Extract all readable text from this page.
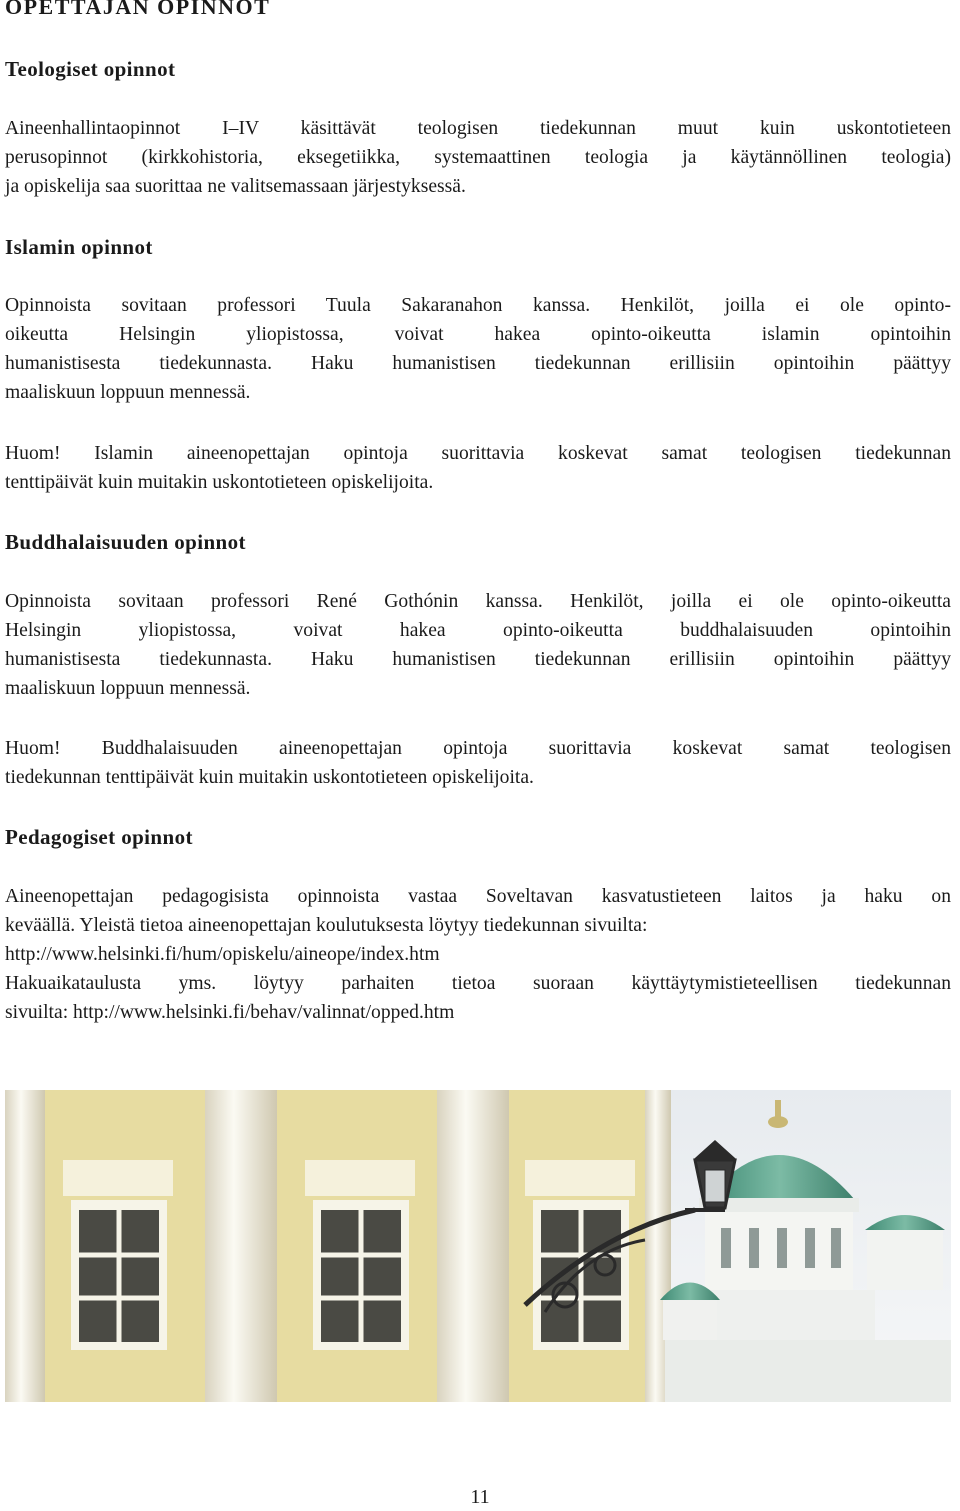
OPETTAJAN OPINNOT
Teologiset opinnot
Aineenhallintaopinnot I–IV käsittävät teologisen tiedekunnan muut kuin uskontotieteen
perusopinnot (kirkkohistoria, eksegetiikka, systemaattinen teologia ja käytännöllinen teologia)
ja opiskelija saa suorittaa ne valitsemassaan järjestyksessä.
Islamin opinnot
Opinnoista sovitaan professori Tuula Sakaranahon kanssa. Henkilöt, joilla ei ole opinto-
oikeutta Helsingin yliopistossa, voivat hakea opinto-oikeutta islamin opintoihin
humanistisesta tiedekunnasta. Haku humanistisen tiedekunnan erillisiin opintoihin päättyy
maaliskuun loppuun mennessä.
Huom! Islamin aineenopettajan opintoja suorittavia koskevat samat teologisen tiedekunnan
tenttipäivät kuin muitakin uskontotieteen opiskelijoita.
Buddhalaisuuden opinnot
Opinnoista sovitaan professori René Gothónin kanssa. Henkilöt, joilla ei ole opinto-oikeutta
Helsingin yliopistossa, voivat hakea opinto-oikeutta buddhalaisuuden opintoihin
humanistisesta tiedekunnasta. Haku humanistisen tiedekunnan erillisiin opintoihin päättyy
maaliskuun loppuun mennessä.
Huom! Buddhalaisuuden aineenopettajan opintoja suorittavia koskevat samat teologisen
tiedekunnan tenttipäivät kuin muitakin uskontotieteen opiskelijoita.
Pedagogiset opinnot
Aineenopettajan pedagogisista opinnoista vastaa Soveltavan kasvatustieteen laitos ja haku on
keväällä. Yleistä tietoa aineenopettajan koulutuksesta löytyy tiedekunnan sivuilta:
http://www.helsinki.fi/hum/opiskelu/aineope/index.htm
Hakuaikataulusta yms. löytyy parhaiten tietoa suoraan käyttäytymistieteellisen tiedekunnan
sivuilta: http://www.helsinki.fi/behav/valinnat/opped.htm
11
